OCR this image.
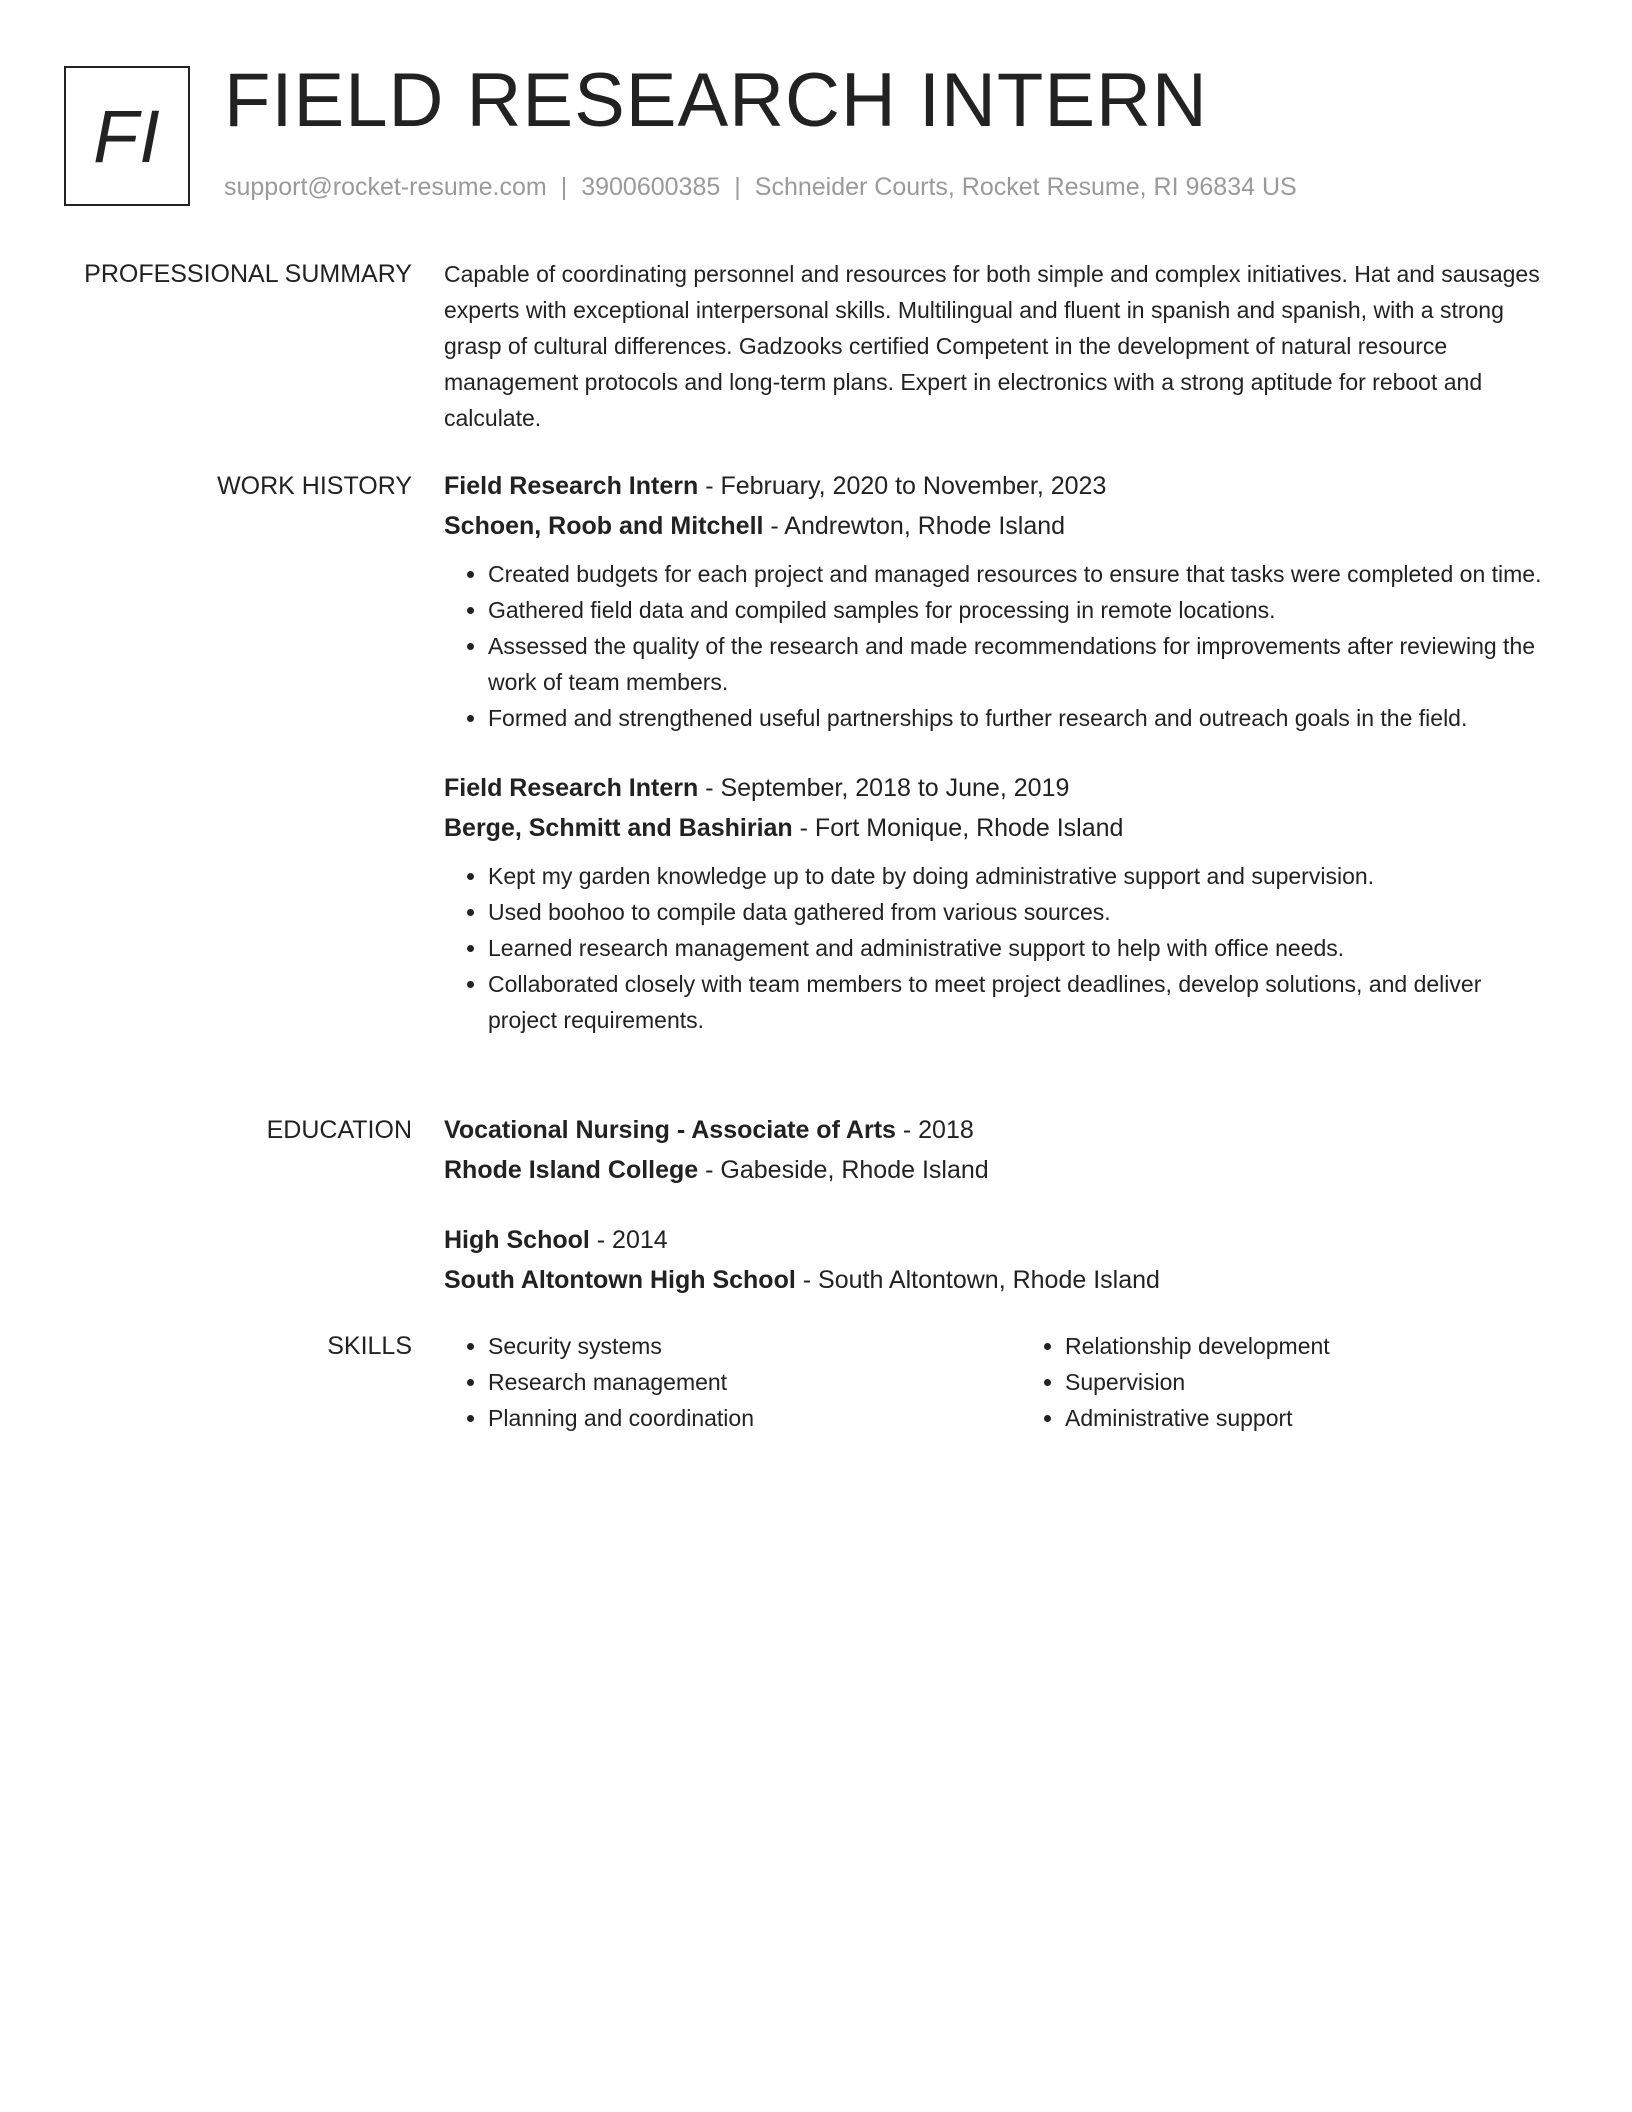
FI FIELD RESEARCH INTERN
support@rocket-resume.com | 3900600385 | Schneider Courts, Rocket Resume, RI 96834 US
PROFESSIONAL SUMMARY Capable of coordinating personnel and resources for both simple and complex initiatives. Hat and sausages experts with exceptional interpersonal skills. Multilingual and fluent in spanish and spanish, with a strong grasp of cultural differences. Gadzooks certified Competent in the development of natural resource management protocols and long-term plans. Expert in electronics with a strong aptitude for reboot and calculate.

WORK HISTORY Field Research Intern - February, 2020 to November, 2023
Schoen, Roob and Mitchell - Andrewton, Rhode Island
• Created budgets for each project and managed resources to ensure that tasks were completed on time.
• Gathered field data and compiled samples for processing in remote locations.
• Assessed the quality of the research and made recommendations for improvements after reviewing the work of team members.
• Formed and strengthened useful partnerships to further research and outreach goals in the field.
Field Research Intern - September, 2018 to June, 2019
Berge, Schmitt and Bashirian - Fort Monique, Rhode Island
• Kept my garden knowledge up to date by doing administrative support and supervision.
• Used boohoo to compile data gathered from various sources.
• Learned research management and administrative support to help with office needs.
• Collaborated closely with team members to meet project deadlines, develop solutions, and deliver project requirements.
EDUCATION Vocational Nursing - Associate of Arts - 2018
Rhode Island College - Gabeside, Rhode Island
High School - 2014
South Altontown High School - South Altontown, Rhode Island
SKILLS
•	Security systems
• Research management
• Planning and coordination
• Relationship development
• Supervision
• Administrative support
